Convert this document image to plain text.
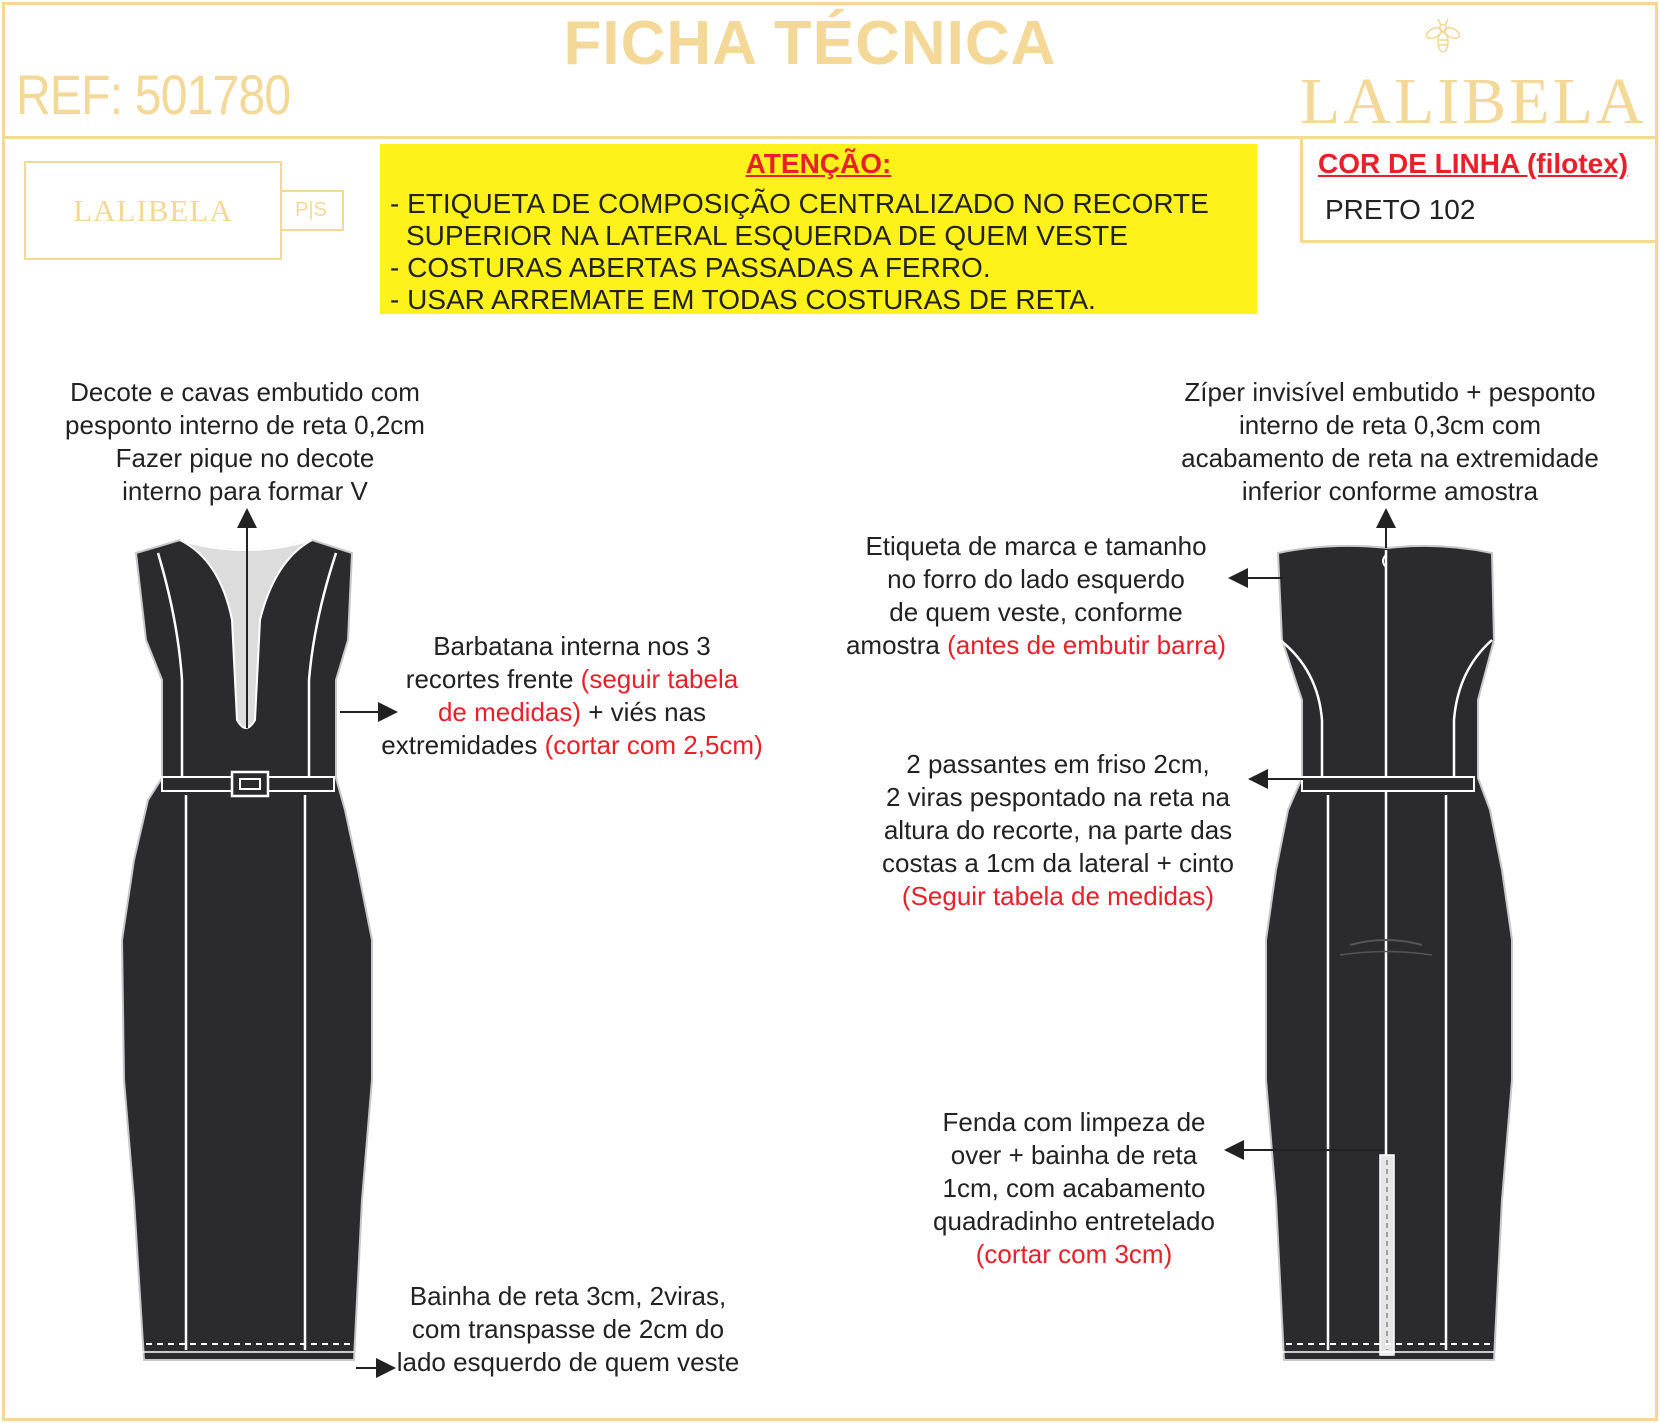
FICHA TÉCNICA
REF: 501780	LALIBELA
LALIBELA	P|S
ATENÇÃO:
- ETIQUETA DE COMPOSIÇÃO CENTRALIZADO NO RECORTE
SUPERIOR NA LATERAL ESQUERDA DE QUEM VESTE
- COSTURAS ABERTAS PASSADAS A FERRO.
- USAR ARREMATE EM TODAS COSTURAS DE RETA.
COR DE LINHA (filotex)
PRETO 102
Decote e cavas embutido com
pesponto interno de reta 0,2cm
Fazer pique no decote
interno para formar V
Barbatana interna nos 3
recortes frente (seguir tabela
de medidas) + viés nas
extremidades (cortar com 2,5cm)
Bainha de reta 3cm, 2viras,
com transpasse de 2cm do
lado esquerdo de quem veste
Zíper invisível embutido + pesponto
interno de reta 0,3cm com
acabamento de reta na extremidade
inferior conforme amostra
Etiqueta de marca e tamanho
no forro do lado esquerdo
de quem veste, conforme
amostra (antes de embutir barra)
2 passantes em friso 2cm,
2 viras pespontado na reta na
altura do recorte, na parte das
costas a 1cm da lateral + cinto
(Seguir tabela de medidas)
Fenda com limpeza de
over + bainha de reta
1cm, com acabamento
quadradinho entretelado
(cortar com 3cm)
